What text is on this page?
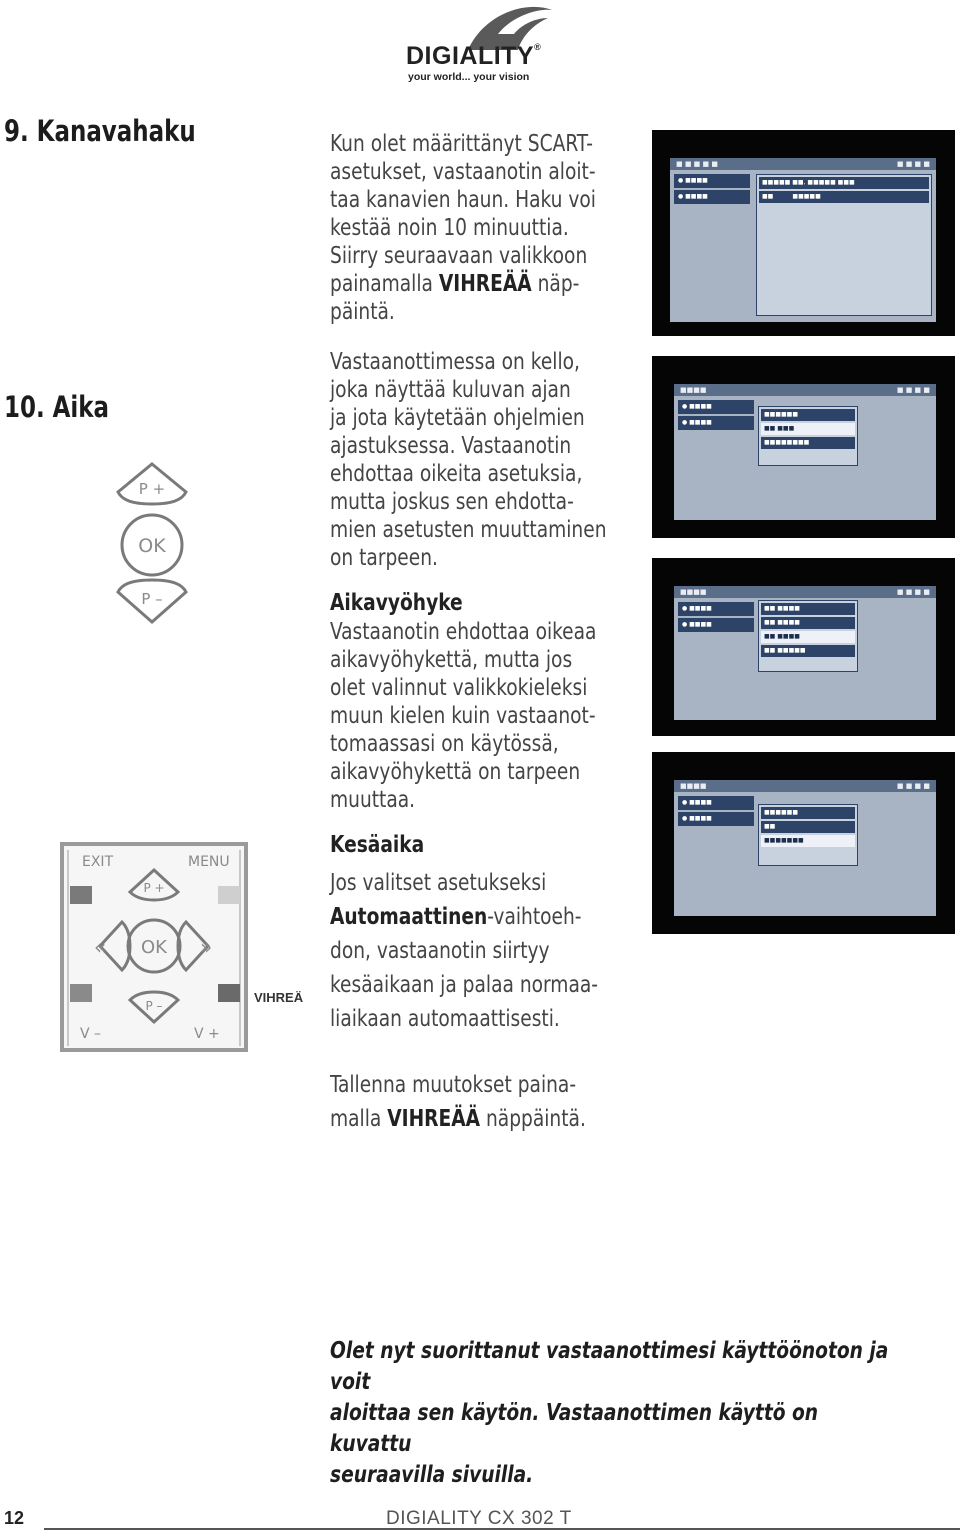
DIGIALITY®
your world... your vision
9. Kanavahaku	Kun olet määrittänyt SCART-
asetukset, vastaanotin aloit-
taa kanavien haun. Haku voi
kestää noin 10 minuuttia.
Siirry seuraavaan valikkoon
painamalla VIHREÄÄ näp-
päintä.
10. Aika
Vastaanottimessa on kello,
joka näyttää kuluvan ajan
ja jota käytetään ohjelmien
ajastuksessa. Vastaanotin
ehdottaa oikeita asetuksia,
mutta joskus sen ehdotta-
mien asetusten muuttaminen
on tarpeen.
Aikavyöhyke
Vastaanotin ehdottaa oikeaa
aikavyöhykettä, mutta jos
olet valinnut valikkokieleksi
muun kielen kuin vastaanot-
tomaassasi on käytössä,
aikavyöhykettä on tarpeen
muuttaa.
Kesäaika
Jos valitset asetukseksi
Automaattinen-vaihtoeh-
don, vastaanotin siirtyy
kesäaikaan ja palaa normaa-
liaikaan automaattisesti.
Tallenna muutokset paina-
malla VIHREÄÄ näppäintä.
■ ■ ■ ■ ■	■ ■ ■ ■
● ■■■■
● ■■■■
■■■■■ ■■, ■■■■■ ■■■
■■          ■■■■■
■■■■	■ ■ ■ ■
● ■■■■
● ■■■■
■■■■■■
■■ ■■■
■■■■■■■■
■■■■	■ ■ ■ ■
● ■■■■
● ■■■■
■■ ■■■■
■■ ■■■■
■■ ■■■■
■■ ■■■■■
■■■■	■ ■ ■ ■
● ■■■■
● ■■■■
■■■■■■
■■
■■■■■■■
P +
OK
P –
EXIT	MENU
P +
«	»
OK
P –
V –	V +
VIHREÄ
Olet nyt suorittanut vastaanottimesi käyttöönoton ja voit
aloittaa sen käytön. Vastaanottimen käyttö on kuvattu
seuraavilla sivuilla.
12	DIGIALITY CX 302 T
